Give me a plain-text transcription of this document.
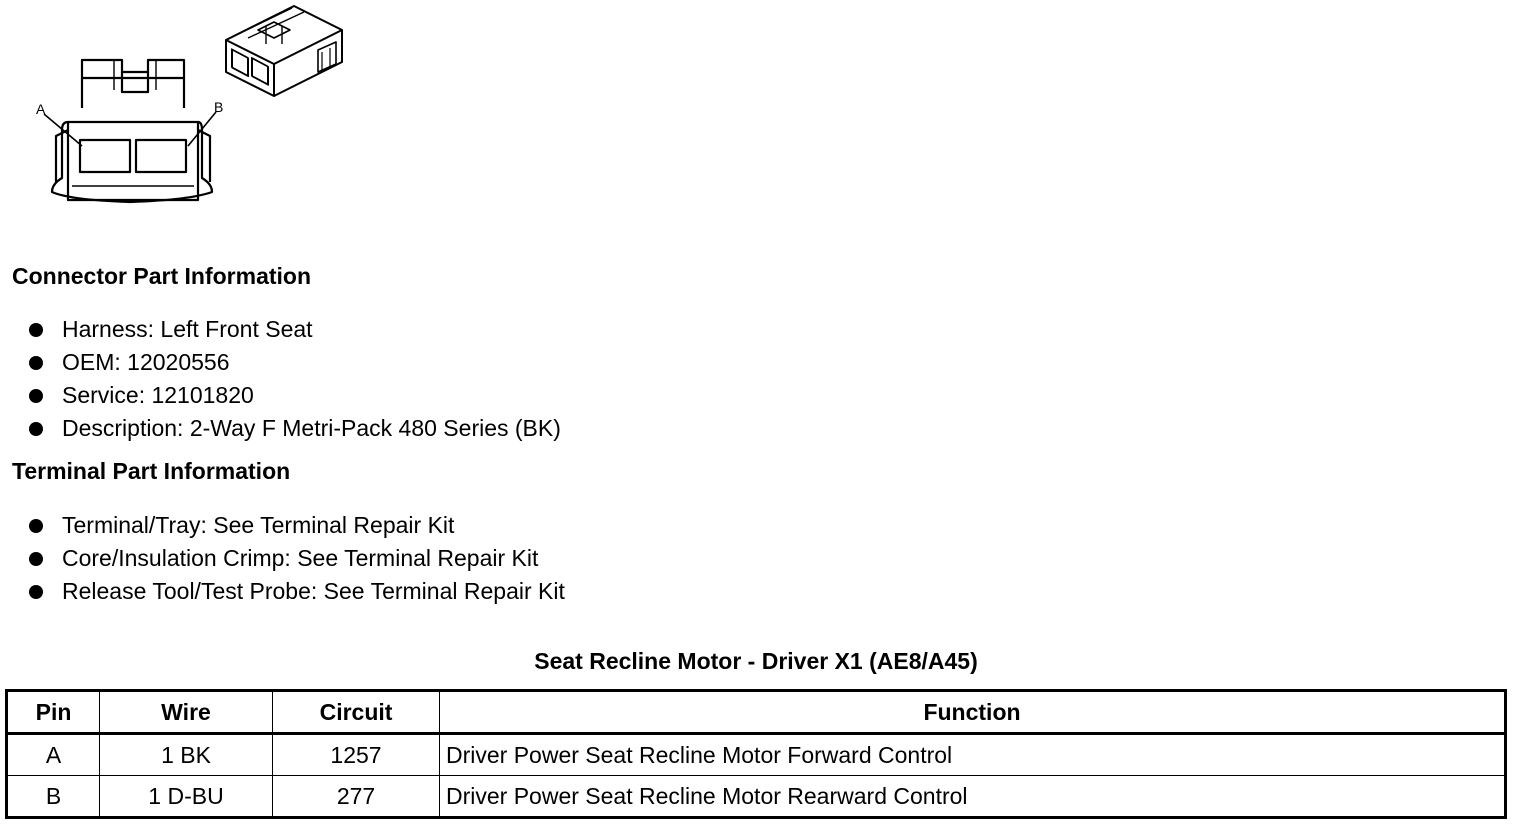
A	B
Connector Part Information
Harness: Left Front Seat
OEM: 12020556
Service: 12101820
Description: 2-Way F Metri-Pack 480 Series (BK)
Terminal Part Information
Terminal/Tray: See Terminal Repair Kit
Core/Insulation Crimp: See Terminal Repair Kit
Release Tool/Test Probe: See Terminal Repair Kit
Seat Recline Motor - Driver X1 (AE8/A45)
Pin	Wire	Circuit	Function
A	1 BK	1257	Driver Power Seat Recline Motor Forward Control
B	1 D-BU	277	Driver Power Seat Recline Motor Rearward Control
